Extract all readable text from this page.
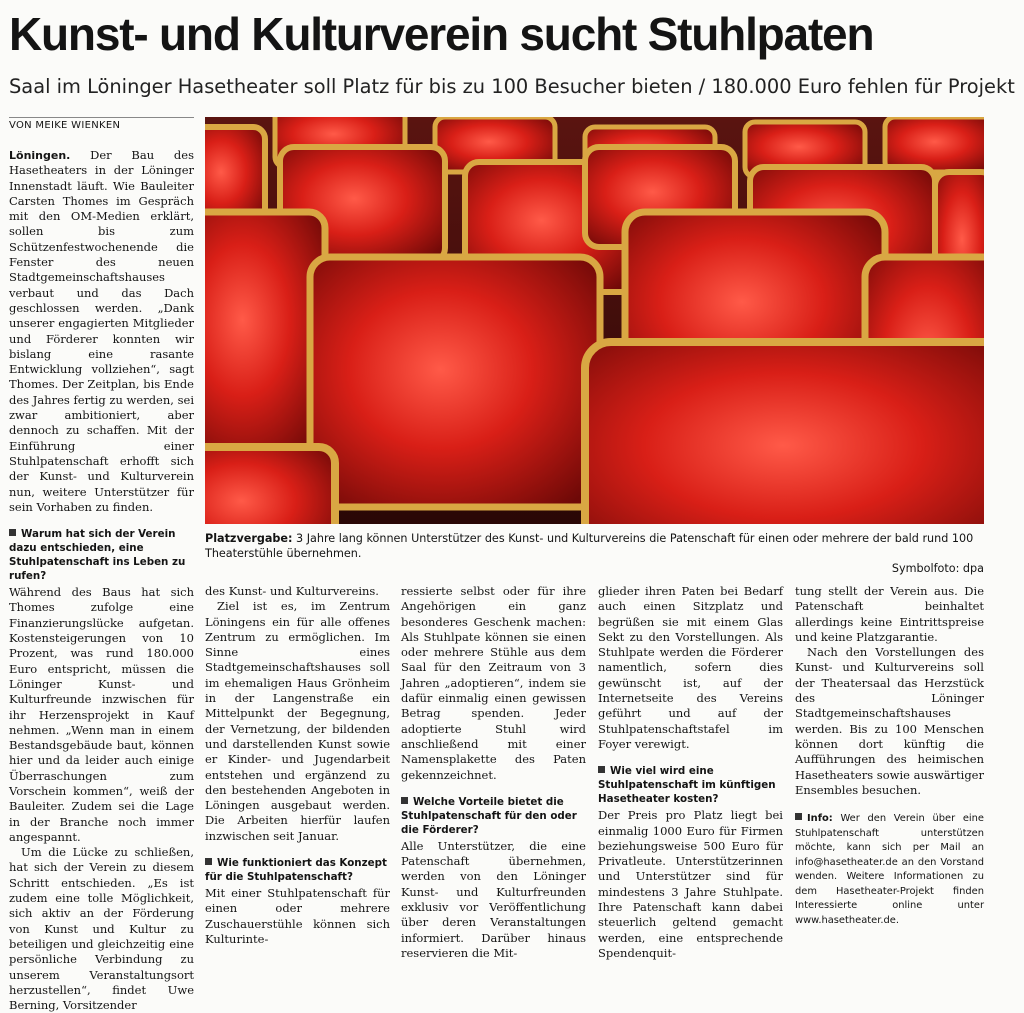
Kunst- und Kulturverein sucht Stuhlpaten
Saal im Löninger Hasetheater soll Platz für bis zu 100 Besucher bieten / 180.000 Euro fehlen für Projekt
VON MEIKE WIENKEN
Platzvergabe: 3 Jahre lang können Unterstützer des Kunst- und Kulturvereins die Patenschaft für einen oder mehrere der bald rund 100 Theaterstühle übernehmen.
Symbolfoto: dpa

Löningen. Der Bau des Hasetheaters in der Löninger Innenstadt läuft. Wie Bauleiter Carsten Thomes im Gespräch mit den OM-Medien erklärt, sollen bis zum Schützenfestwochenende die Fenster des neuen Stadtgemeinschaftshauses verbaut und das Dach geschlossen werden. „Dank unserer engagierten Mitglieder und Förderer konnten wir bislang eine rasante Entwicklung vollziehen“, sagt Thomes. Der Zeitplan, bis Ende des Jahres fertig zu werden, sei zwar ambitioniert, aber dennoch zu schaffen. Mit der Einführung einer Stuhlpatenschaft erhofft sich der Kunst- und Kulturverein nun, weitere Unterstützer für sein Vorhaben zu finden.

Warum hat sich der Verein dazu entschieden, eine Stuhlpatenschaft ins Leben zu rufen?

Während des Baus hat sich Thomes zufolge eine Finanzierungslücke aufgetan. Kostensteigerungen von 10 Prozent, was rund 180.000 Euro entspricht, müssen die Löninger Kunst- und Kulturfreunde inzwischen für ihr Herzensprojekt in Kauf nehmen. „Wenn man in einem Bestandsgebäude baut, können hier und da leider auch einige Überraschungen zum Vorschein kommen“, weiß der Bauleiter. Zudem sei die Lage in der Branche noch immer angespannt.

Um die Lücke zu schließen, hat sich der Verein zu diesem Schritt entschieden. „Es ist zudem eine tolle Möglichkeit, sich aktiv an der Förderung von Kunst und Kultur zu beteiligen und gleichzeitig eine persönliche Verbindung zu unserem Veranstaltungsort herzustellen“, findet Uwe Berning, Vorsitzender

des Kunst- und Kulturvereins.

Ziel ist es, im Zentrum Löningens ein für alle offenes Zentrum zu ermöglichen. Im Sinne eines Stadtgemeinschaftshauses soll im ehemaligen Haus Grönheim in der Langenstraße ein Mittelpunkt der Begegnung, der Vernetzung, der bildenden und darstellenden Kunst sowie er Kinder- und Jugendarbeit entstehen und ergänzend zu den bestehenden Angeboten in Löningen ausgebaut werden. Die Arbeiten hierfür laufen inzwischen seit Januar.

Wie funktioniert das Konzept für die Stuhlpatenschaft?

Mit einer Stuhlpatenschaft für einen oder mehrere Zuschauerstühle können sich Kulturinte-

ressierte selbst oder für ihre Angehörigen ein ganz besonderes Geschenk machen: Als Stuhlpate können sie einen oder mehrere Stühle aus dem Saal für den Zeitraum von 3 Jahren „adoptieren“, indem sie dafür einmalig einen gewissen Betrag spenden. Jeder adoptierte Stuhl wird anschließend mit einer Namensplakette des Paten gekennzeichnet.

Welche Vorteile bietet die Stuhlpatenschaft für den oder die Förderer?

Alle Unterstützer, die eine Patenschaft übernehmen, werden von den Löninger Kunst- und Kulturfreunden exklusiv vor Veröffentlichung über deren Veranstaltungen informiert. Darüber hinaus reservieren die Mit-

glieder ihren Paten bei Bedarf auch einen Sitzplatz und begrüßen sie mit einem Glas Sekt zu den Vorstellungen. Als Stuhlpate werden die Förderer namentlich, sofern dies gewünscht ist, auf der Internetseite des Vereins geführt und auf der Stuhlpatenschaftstafel im Foyer verewigt.

Wie viel wird eine Stuhlpatenschaft im künftigen Hasetheater kosten?

Der Preis pro Platz liegt bei einmalig 1000 Euro für Firmen beziehungsweise 500 Euro für Privatleute. Unterstützerinnen und Unterstützer sind für mindestens 3 Jahre Stuhlpate. Ihre Patenschaft kann dabei steuerlich geltend gemacht werden, eine entsprechende Spendenquit-

tung stellt der Verein aus. Die Patenschaft beinhaltet allerdings keine Eintrittspreise und keine Platzgarantie.

Nach den Vorstellungen des Kunst- und Kulturvereins soll der Theatersaal das Herzstück des Löninger Stadtgemeinschaftshauses werden. Bis zu 100 Menschen können dort künftig die Aufführungen des heimischen Hasetheaters sowie auswärtiger Ensembles besuchen.

Info: Wer den Verein über eine Stuhlpatenschaft unterstützen möchte, kann sich per Mail an info@hasetheater.de an den Vorstand wenden. Weitere Informationen zu dem Hasetheater-Projekt finden Interessierte online unter www.hasetheater.de.
